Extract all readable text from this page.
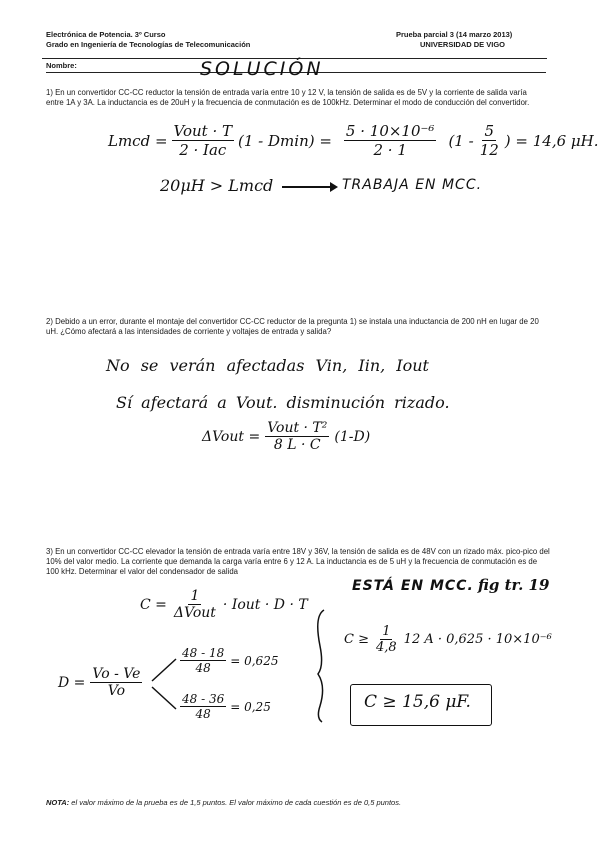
Electrónica de Potencia. 3º Curso
Grado en Ingeniería de Tecnologías de Telecomunicación
Prueba parcial 3 (14 marzo 2013)
UNIVERSIDAD DE VIGO
Nombre:	SOLUCIÓN
1) En un convertidor CC-CC reductor la tensión de entrada varía entre 10 y 12 V, la tensión de salida es de 5V y la corriente de salida varía entre 1A y 3A. La inductancia es de 20uH y la frecuencia de conmutación es de 100kHz. Determinar el modo de conducción del convertidor.
Lmcd = $\frac{\text{Vout · T}}{\text{2 · Iac}} (1 - Dmin) = \frac{\text{5 · 10×10⁻⁶}}{2 \cdot 1} (1 - \frac{5}{12}$ ) = 14,6 μH.
20μH > Lmcd	TRABAJA EN MCC.
2) Debido a un error, durante el montaje del convertidor CC-CC reductor de la pregunta 1) se instala una inductancia de 200 nH en lugar de 20 uH. ¿Cómo afectará a las intensidades de corriente y voltajes de entrada y salida?
No se verán afectadas Vin, Iin, Iout
Sí afectará a Vout. disminución rizado.
ΔVout = $\frac{\text{Vout · T²}}{8 L \cdot C} (1-D)$
3) En un convertidor CC-CC elevador la tensión de entrada varía entre 18V y 36V, la tensión de salida es de 48V con un rizado máx. pico-pico del 10% del valor medio. La corriente que demanda la carga varía entre 6 y 12 A. La inductancia es de 5 uH y la frecuencia de conmutación es de 100 kHz. Determinar el valor del condensador de salida
ESTÁ EN MCC. fig tr. 19
$C = \frac{1}{\text{ΔVout}}$ · Iout · D · T
$D = \frac{Vo - Ve}{Vo}$
$\frac{48 - 18}{48} = 0,625$
$\frac{48 - 36}{48} = 0,25$
$C \ge \frac{1}{4,8} 12$ A · 0,625 · 10×10⁻⁶
C ≥ 15,6 μF.
NOTA: el valor máximo de la prueba es de 1,5 puntos. El valor máximo de cada cuestión es de 0,5 puntos.
